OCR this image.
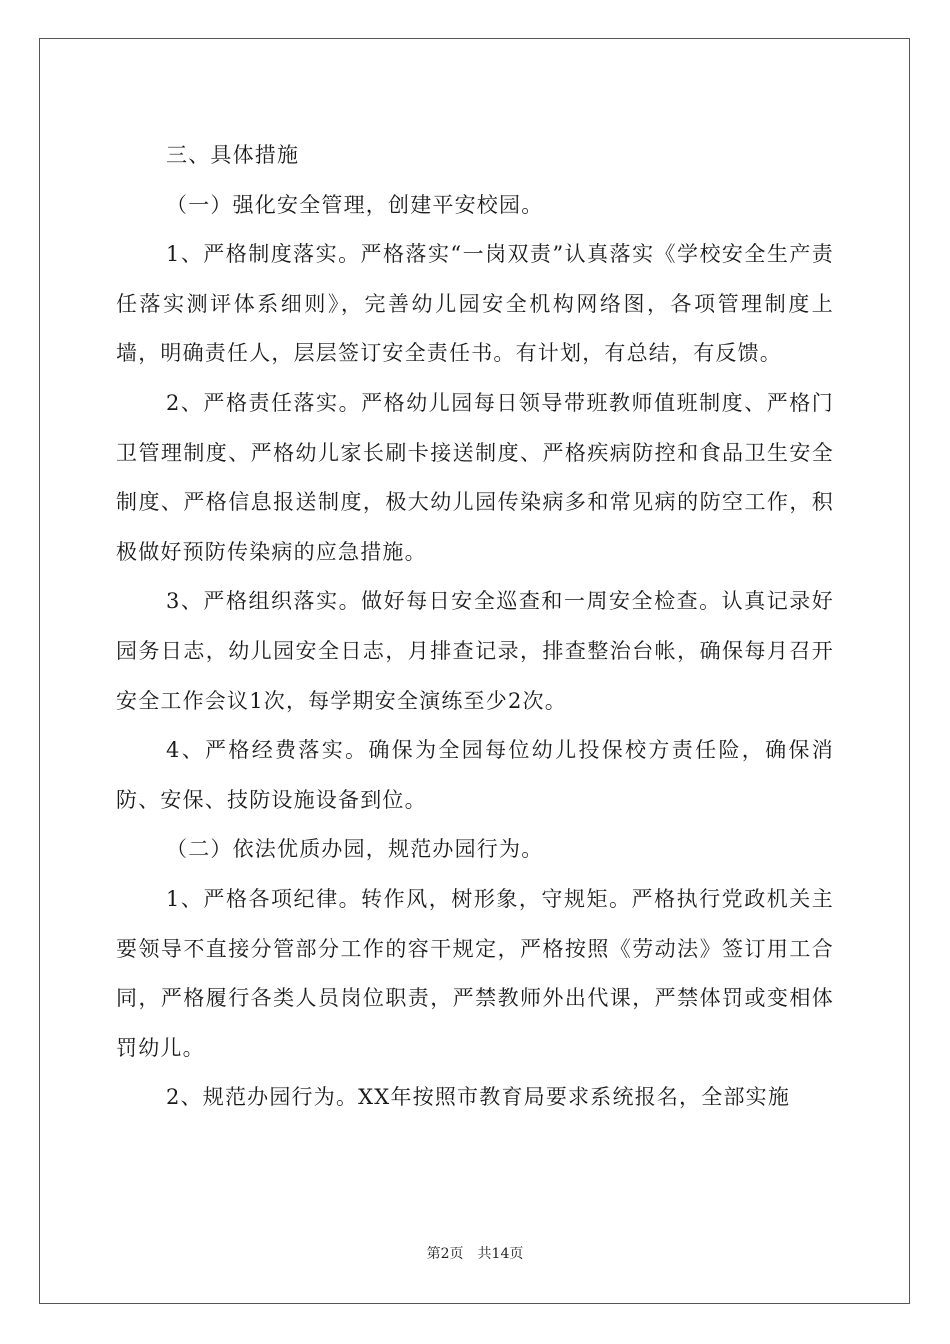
三、具体措施

（一）强化安全管理，创建平安校园。

1、严格制度落实。严格落实“一岗双责”认真落实《学校安全生产责任落实测评体系细则》，完善幼儿园安全机构网络图，各项管理制度上墙，明确责任人，层层签订安全责任书。有计划，有总结，有反馈。

2、严格责任落实。严格幼儿园每日领导带班教师值班制度、严格门卫管理制度、严格幼儿家长刷卡接送制度、严格疾病防控和食品卫生安全制度、严格信息报送制度，极大幼儿园传染病多和常见病的防空工作，积极做好预防传染病的应急措施。

3、严格组织落实。做好每日安全巡查和一周安全检查。认真记录好园务日志，幼儿园安全日志，月排查记录，排查整治台帐，确保每月召开安全工作会议1次，每学期安全演练至少2次。

4、严格经费落实。确保为全园每位幼儿投保校方责任险，确保消防、安保、技防设施设备到位。

（二）依法优质办园，规范办园行为。

1、严格各项纪律。转作风，树形象，守规矩。严格执行党政机关主要领导不直接分管部分工作的容干规定，严格按照《劳动法》签订用工合同，严格履行各类人员岗位职责，严禁教师外出代课，严禁体罚或变相体罚幼儿。

2、规范办园行为。XX年按照市教育局要求系统报名，全部实施

第2页　共14页
